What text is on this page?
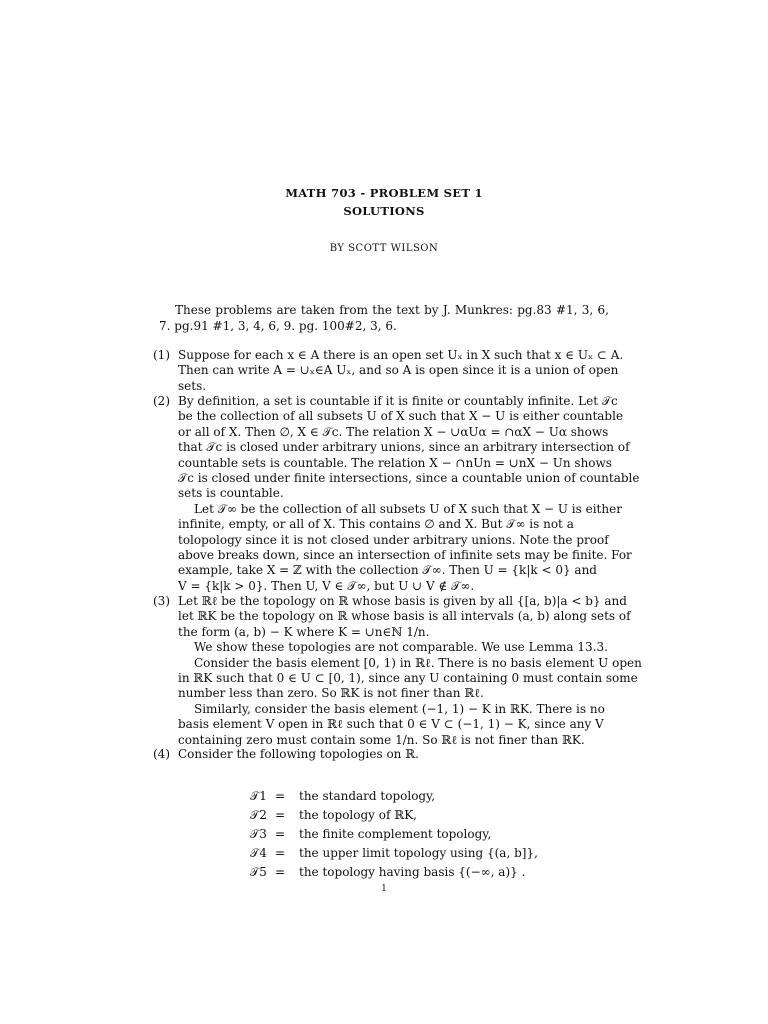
MATH 703 - PROBLEM SET 1
SOLUTIONS
BY SCOTT WILSON

These problems are taken from the text by J. Munkres: pg.83 #1, 3, 6, 7. pg.91 #1, 3, 4, 6, 9. pg. 100#2, 3, 6.

(1) Suppose for each x ∈ A there is an open set Uₓ in X such that x ∈ Uₓ ⊂ A.
Then can write A = ∪ₓ∈A Uₓ, and so A is open since it is a union of open
sets.
(2) By definition, a set is countable if it is finite or countably infinite. Let 𝒯c
be the collection of all subsets U of X such that X − U is either countable
or all of X. Then ∅, X ∈ 𝒯c. The relation X − ∪αUα = ∩αX − Uα shows
that 𝒯c is closed under arbitrary unions, since an arbitrary intersection of
countable sets is countable. The relation X − ∩nUn = ∪nX − Un shows
𝒯c is closed under finite intersections, since a countable union of countable
sets is countable.
Let 𝒯∞ be the collection of all subsets U of X such that X − U is either
infinite, empty, or all of X. This contains ∅ and X. But 𝒯∞ is not a
tolopology since it is not closed under arbitrary unions. Note the proof
above breaks down, since an intersection of infinite sets may be finite. For
example, take X = ℤ with the collection 𝒯∞. Then U = {k|k < 0} and
V = {k|k > 0}. Then U, V ∈ 𝒯∞, but U ∪ V ∉ 𝒯∞.
(3) Let ℝℓ be the topology on ℝ whose basis is given by all {[a, b)|a < b} and
let ℝK be the topology on ℝ whose basis is all intervals (a, b) along sets of
the form (a, b) − K where K = ∪n∈ℕ 1/n.
We show these topologies are not comparable. We use Lemma 13.3.
Consider the basis element [0, 1) in ℝℓ. There is no basis element U open
in ℝK such that 0 ∈ U ⊂ [0, 1), since any U containing 0 must contain some
number less than zero. So ℝK is not finer than ℝℓ.
Similarly, consider the basis element (−1, 1) − K in ℝK. There is no
basis element V open in ℝℓ such that 0 ∈ V ⊂ (−1, 1) − K, since any V
containing zero must contain some 1/n. So ℝℓ is not finer than ℝK.
(4) Consider the following topologies on ℝ.
𝒯1 = the standard topology,
𝒯2 = the topology of ℝK,
𝒯3 = the finite complement topology,
𝒯4 = the upper limit topology using {(a, b]},
𝒯5 = the topology having basis {(−∞, a)} .
1
